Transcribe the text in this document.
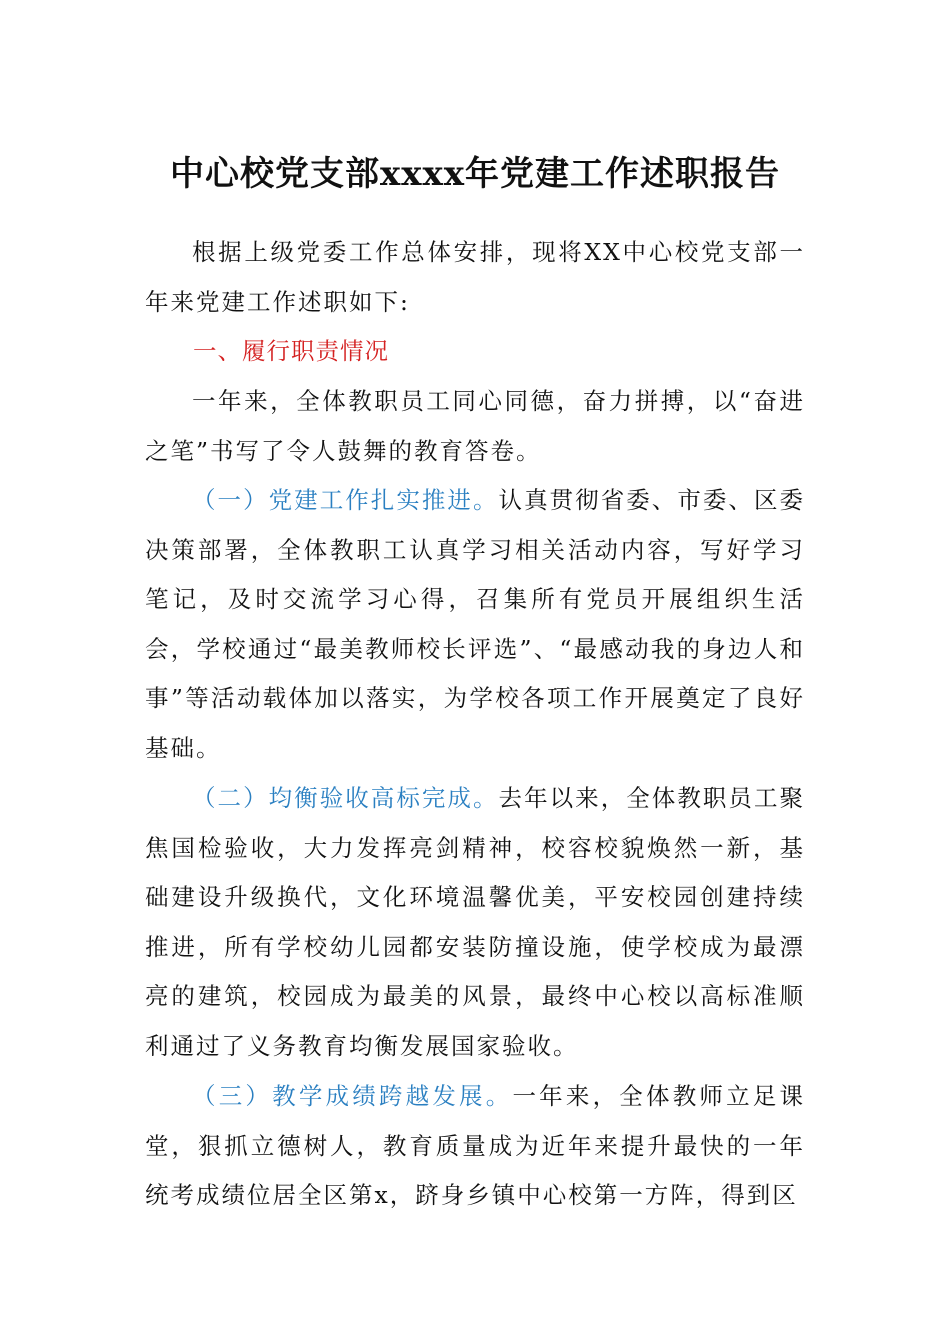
中心校党支部xxxx年党建工作述职报告

根据上级党委工作总体安排，现将XX中心校党支部一年来党建工作述职如下:

一、履行职责情况

一年来，全体教职员工同心同德，奋力拼搏，以“奋进之笔”书写了令人鼓舞的教育答卷。

（一）党建工作扎实推进。认真贯彻省委、市委、区委决策部署，全体教职工认真学习相关活动内容，写好学习笔记，及时交流学习心得，召集所有党员开展组织生活会，学校通过“最美教师校长评选”、“最感动我的身边人和事”等活动载体加以落实，为学校各项工作开展奠定了良好基础。

（二）均衡验收高标完成。去年以来，全体教职员工聚焦国检验收，大力发挥亮剑精神，校容校貌焕然一新，基础建设升级换代，文化环境温馨优美，平安校园创建持续推进，所有学校幼儿园都安装防撞设施，使学校成为最漂亮的建筑，校园成为最美的风景，最终中心校以高标准顺利通过了义务教育均衡发展国家验收。

（三）教学成绩跨越发展。一年来，全体教师立足课堂，狠抓立德树人，教育质量成为近年来提升最快的一年统考成绩位居全区第x，跻身乡镇中心校第一方阵，得到区
